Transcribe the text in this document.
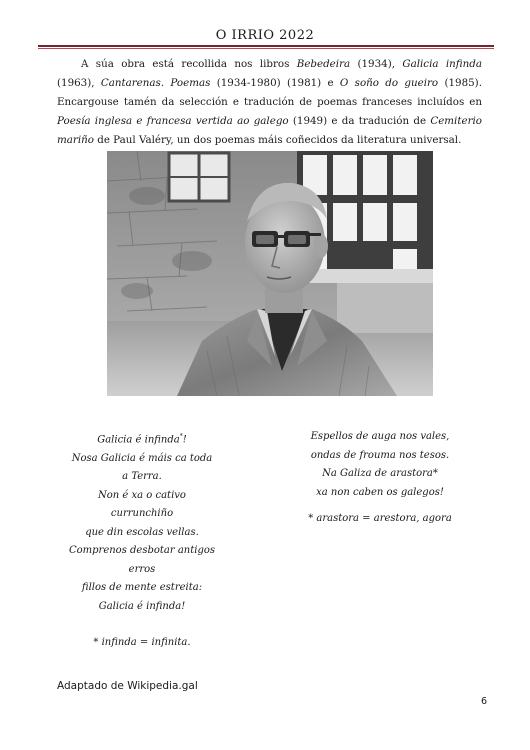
O IRRIO 2022

A súa obra está recollida nos libros Bebedeira (1934), Galicia infinda (1963), Cantarenas. Poemas (1934-1980) (1981) e O soño do gueiro (1985). Encargouse tamén da selección e tradución de poemas franceses incluídos en Poesía inglesa e francesa vertida ao galego (1949) e da tradución de Cemiterio mariño de Paul Valéry, un dos poemas máis coñecidos da literatura universal.

Galicia é infinda*!
Nosa Galicia é máis ca toda
a Terra.
Non é xa o cativo
currunchiño
que din escolas vellas.
Comprenos desbotar antigos
erros
fillos de mente estreita:
Galicia é infinda!
* infinda = infinita.
Espellos de auga nos vales,
ondas de frouma nos tesos.
Na Galiza de arastora*
xa non caben os galegos!
* arastora = arestora, agora
Adaptado de Wikipedia.gal
6
